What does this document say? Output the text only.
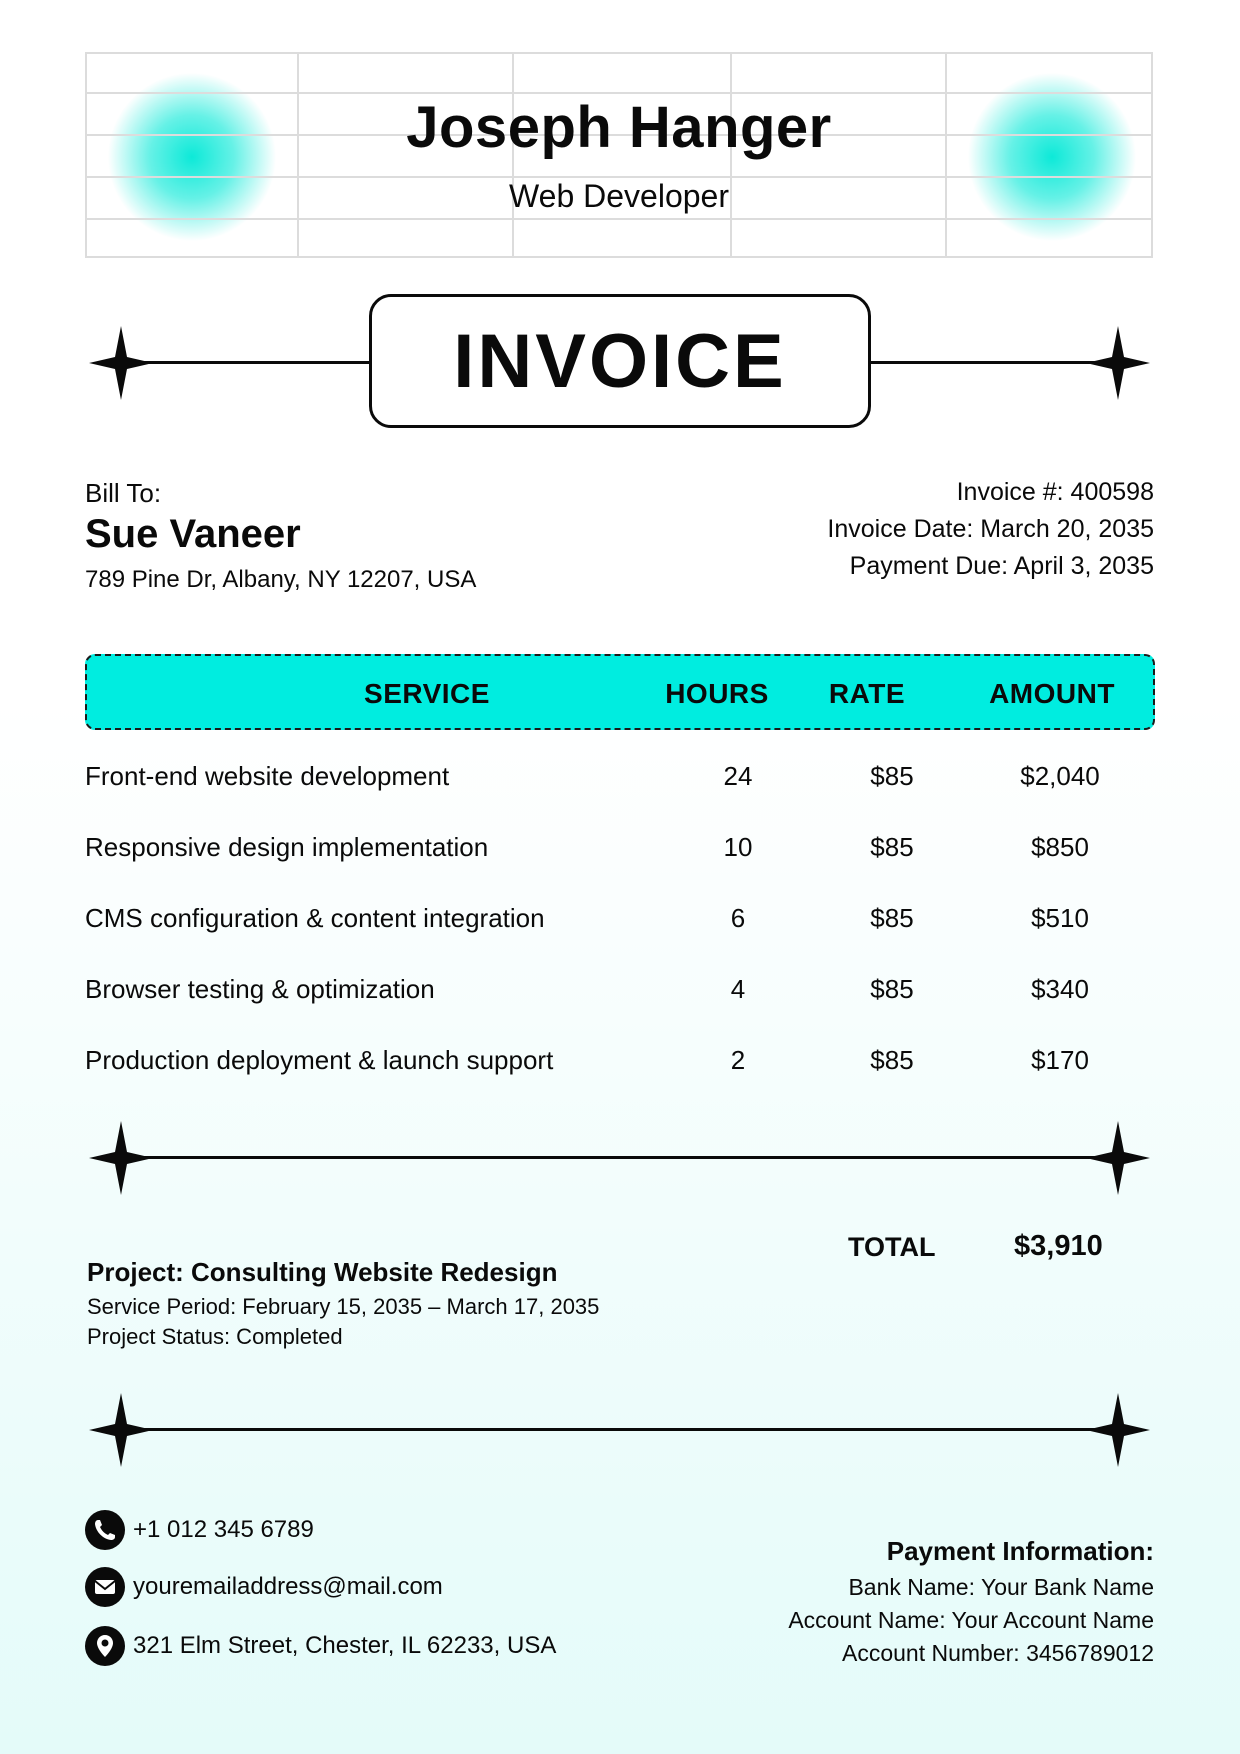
Joseph Hanger
Web Developer
INVOICE
Bill To:
Sue Vaneer
789 Pine Dr, Albany, NY 12207, USA
Invoice #: 400598
Invoice Date: March 20, 2035
Payment Due: April 3, 2035
SERVICE	HOURS	RATE	AMOUNT
Front-end website development	24	$85	$2,040
Responsive design implementation	10	$85	$850
CMS configuration & content integration	6	$85	$510
Browser testing & optimization	4	$85	$340
Production deployment & launch support	2	$85	$170
TOTAL	$3,910
Project: Consulting Website Redesign
Service Period: February 15, 2035 – March 17, 2035
Project Status: Completed
+1 012 345 6789
youremailaddress@mail.com
321 Elm Street, Chester, IL 62233, USA
Payment Information:
Bank Name: Your Bank Name
Account Name: Your Account Name
Account Number: 3456789012
